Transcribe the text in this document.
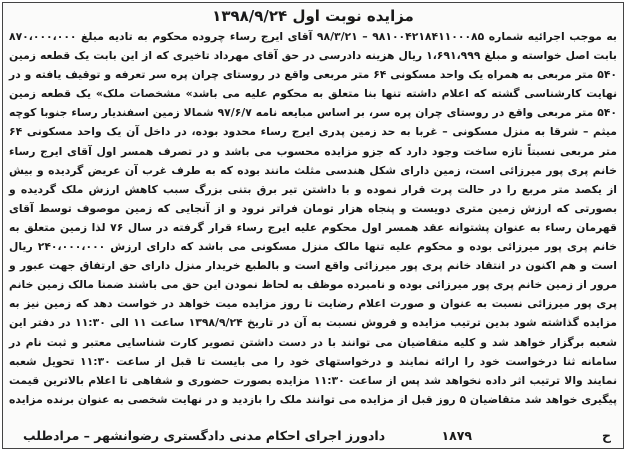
مزایده نوبت اول ۱۳۹۸/۹/۲۴
به موجب اجرائیه شماره ۹۸۱۰۰۴۲۱۸۴۱۱۰۰۰۸۵ – ۹۸/۳/۲۱ آقای ایرج رساء چروده محکوم به تادیه مبلغ ۸۷۰،۰۰۰،۰۰۰ بابت اصل خواسته و مبلغ ۱،۶۹۱،۹۹۹ ریال هزینه دادرسی در حق آقای مهرداد تاخیری که از این بابت یک قطعه زمین ۵۴۰ متر مربعی به همراه یک واحد مسکونی ۶۴ متر مربعی واقع در روستای چران پره سر تعرفه و توقیف یافته و در نهایت کارشناسی گشته که اعلام داشته تنها بنا متعلق به محکوم علیه می باشد» مشخصات ملک» یک قطعه زمین ۵۴۰ متر مربعی واقع در روستای چران پره سر، بر اساس مبایعه نامه ۹۷/۶/۷ شمالا زمین اسفندیار رساء جنوبا کوچه میثم – شرقا به منزل مسکونی – غربا به حد زمین پدری ایرج رساء محدود بوده، در داخل آن یک واحد مسکونی ۶۴ متر مربعی نسبتاً تازه ساخت وجود دارد که جزو مزایده محسوب می باشد و در تصرف همسر اول آقای ایرج رساء خانم پری پور میرزائی است، زمین دارای شکل هندسی مثلث مانند بوده که به طرف غرب آن عریض گردیده و بیش از یکصد متر مربع را در حالت پرت قرار نموده و با داشتن تیر برق بتنی بزرگ سبب کاهش ارزش ملک گردیده و بصورتی که ارزش زمین متری دویست و پنجاه هزار تومان فراتر نرود و از آنجایی که زمین موصوف توسط آقای قهرمان رساء به عنوان پشتوانه عقد همسر اول محکوم علیه ایرج رساء قرار گرفته در سال ۷۶ لذا زمین متعلق به خانم پری پور میرزائی بوده و محکوم علیه تنها مالک منزل مسکونی می باشد که دارای ارزش ۲۴۰،۰۰۰،۰۰۰ ریال است و هم اکنون در انتقاد خانم پری پور میرزائی واقع است و بالطبع خریدار منزل دارای حق ارتفاق جهت عبور و مرور از زمین خانم پری پور میرزائی بوده و نامبرده موظف به لحاظ نمودن این حق می باشند ضمنا مالک زمین خانم پری پور میرزائی نسبت به عنوان و صورت اعلام رضایت تا روز مزایده میت خواهد در خواست دهد که زمین نیز به مزایده گذاشته شود بدین ترتیب مزایده و فروش نسبت به آن در تاریخ ۱۳۹۸/۹/۲۴ ساعت ۱۱ الی ۱۱:۳۰ در دفتر این شعبه برگزار خواهد شد و کلیه متقاضیان می توانند با در دست داشتن تصویر کارت شناسایی معتبر و ثبت نام در سامانه ثنا درخواست خود را ارائه نمایند و درخواستهای خود را می بایست تا قبل از ساعت ۱۱:۳۰ تحویل شعبه نمایند والا ترتیب اثر داده نخواهد شد پس از ساعت ۱۱:۳۰ مزایده بصورت حضوری و شفاهی تا اعلام بالاترین قیمت پیگیری خواهد شد متقاضیان ۵ روز قبل از مزایده می توانند ملک را بازدید و در نهایت شخصی به عنوان برنده مزایده
ح
۱۸۷۹
دادورز اجرای احکام مدنی دادگستری رضوانشهر – مرادطلب
